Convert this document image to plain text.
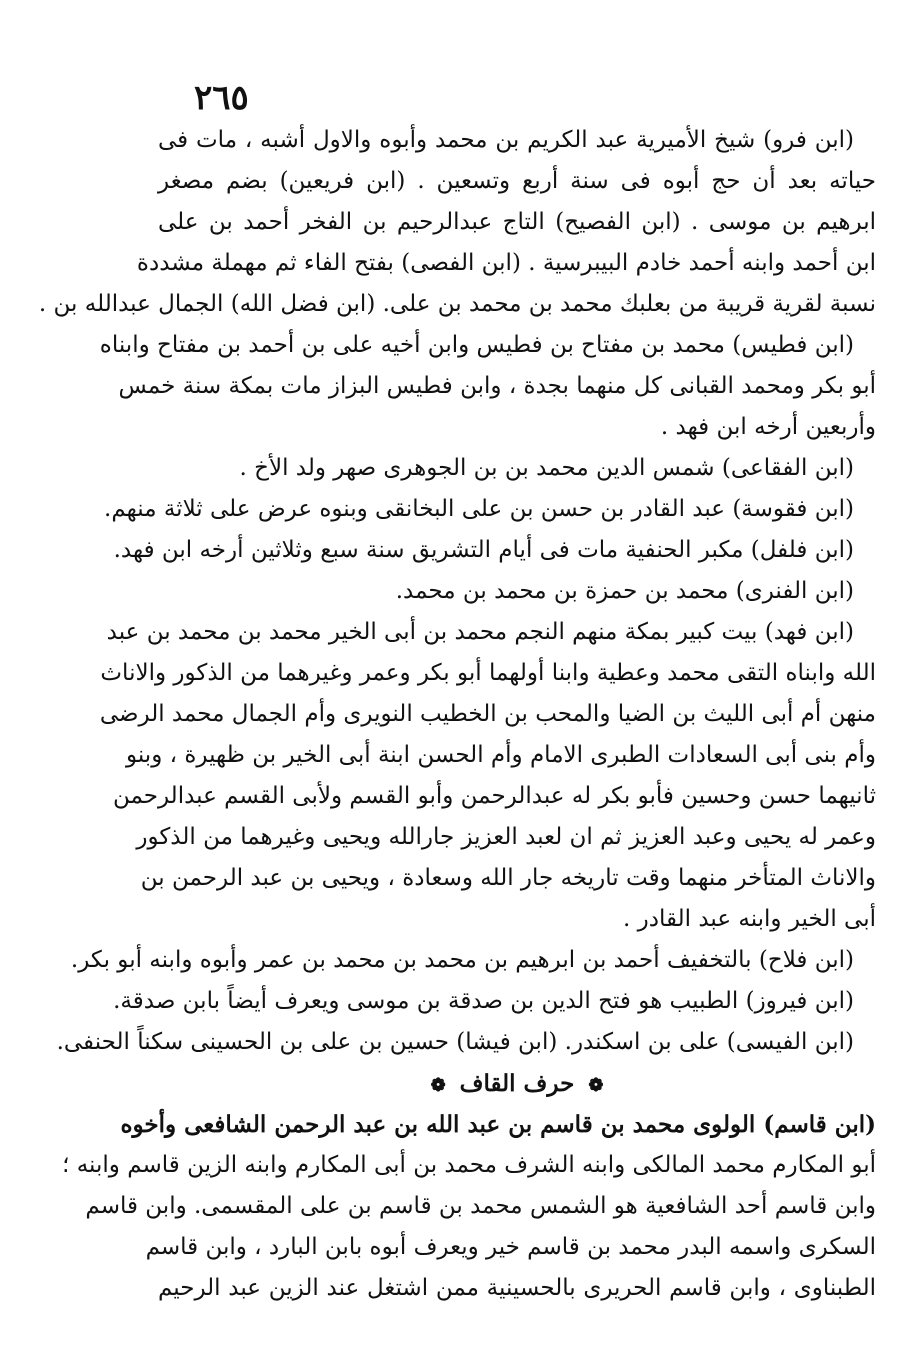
٢٦٥
(ابن فرو) شيخ الأميرية عبد الكريم بن محمد وأبوه والاول أشبه ، مات فى
حياته بعد أن حج أبوه فى سنة أربع وتسعين . (ابن فريعين) بضم مصغر
ابرهيم بن موسى . (ابن الفصيح) التاج عبدالرحيم بن الفخر أحمد بن على
ابن أحمد وابنه أحمد خادم البيبرسية . (ابن الفصى) بفتح الفاء ثم مهملة مشددة
نسبة لقرية قريبة من بعلبك محمد بن محمد بن على. (ابن فضل الله) الجمال عبدالله بن .
(ابن فطيس) محمد بن مفتاح بن فطيس وابن أخيه على بن أحمد بن مفتاح وابناه
أبو بكر ومحمد القبانى كل منهما بجدة ، وابن فطيس البزاز مات بمكة سنة خمس
وأربعين أرخه ابن فهد .
(ابن الفقاعى) شمس الدين محمد بن بن الجوهرى صهر ولد الأخ .
(ابن فقوسة) عبد القادر بن حسن بن على البخانقى وبنوه عرض على ثلاثة منهم.
(ابن فلفل) مكبر الحنفية مات فى أيام التشريق سنة سبع وثلاثين أرخه ابن فهد.
(ابن الفنرى) محمد بن حمزة بن محمد بن محمد.
(ابن فهد) بيت كبير بمكة منهم النجم محمد بن أبى الخير محمد بن محمد بن عبد
الله وابناه التقى محمد وعطية وابنا أولهما أبو بكر وعمر وغيرهما من الذكور والاناث
منهن أم أبى الليث بن الضيا والمحب بن الخطيب النويرى وأم الجمال محمد الرضى
وأم بنى أبى السعادات الطبرى الامام وأم الحسن ابنة أبى الخير بن ظهيرة ، وبنو
ثانيهما حسن وحسين فأبو بكر له عبدالرحمن وأبو القسم ولأبى القسم عبدالرحمن
وعمر له يحيى وعبد العزيز ثم ان لعبد العزيز جارالله ويحيى وغيرهما من الذكور
والاناث المتأخر منهما وقت تاريخه جار الله وسعادة ، ويحيى بن عبد الرحمن بن
أبى الخير وابنه عبد القادر .
(ابن فلاح) بالتخفيف أحمد بن ابرهيم بن محمد بن محمد بن عمر وأبوه وابنه أبو بكر.
(ابن فيروز) الطبيب هو فتح الدين بن صدقة بن موسى ويعرف أيضاً بابن صدقة.
(ابن الفيسى) على بن اسكندر. (ابن فيشا) حسين بن على بن الحسينى سكناً الحنفى.
❁ حرف القاف ❁
(ابن قاسم) الولوى محمد بن قاسم بن عبد الله بن عبد الرحمن الشافعى وأخوه
أبو المكارم محمد المالكى وابنه الشرف محمد بن أبى المكارم وابنه الزين قاسم وابنه ؛
وابن قاسم أحد الشافعية هو الشمس محمد بن قاسم بن على المقسمى. وابن قاسم
السكرى واسمه البدر محمد بن قاسم خير ويعرف أبوه بابن البارد ، وابن قاسم
الطبناوى ، وابن قاسم الحريرى بالحسينية ممن اشتغل عند الزين عبد الرحيم
